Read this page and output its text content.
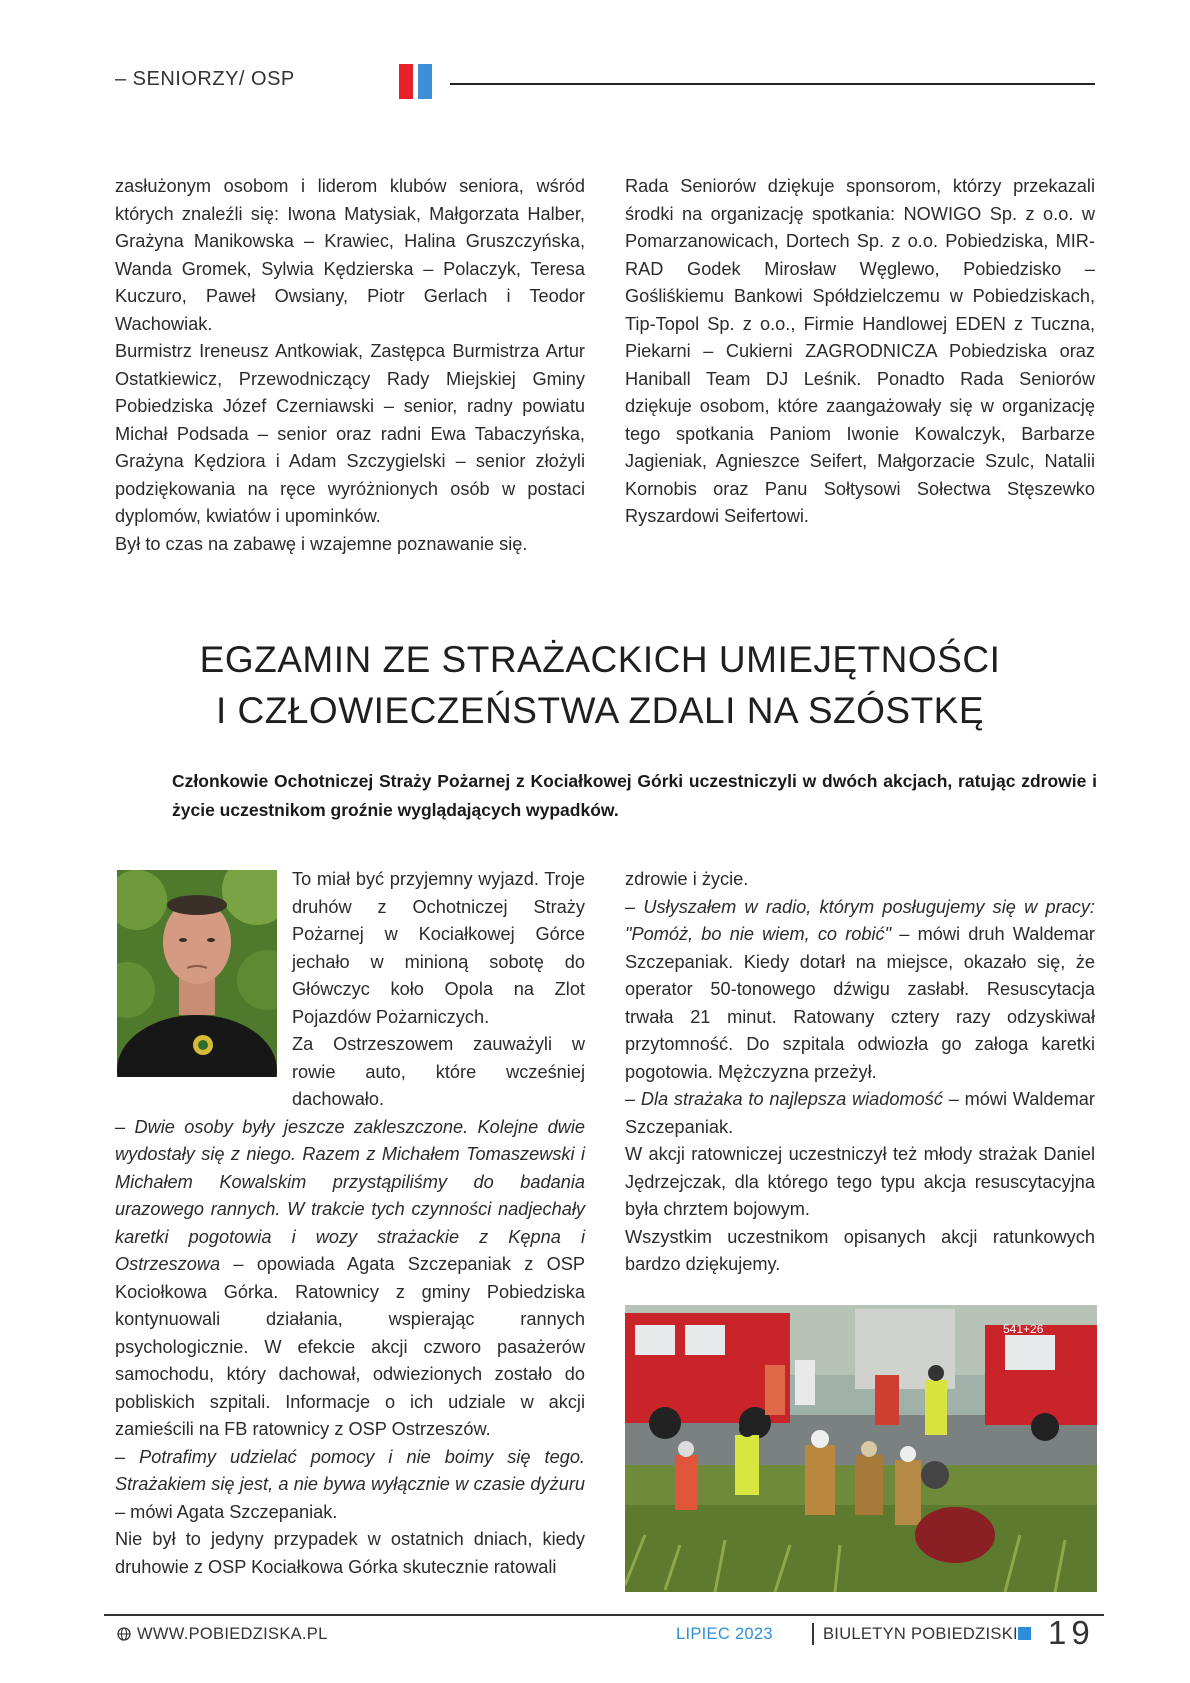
– SENIORZY/ OSP

zasłużonym osobom i liderom klubów seniora, wśród których znaleźli się: Iwona Matysiak, Małgorzata Halber, Grażyna Manikowska – Krawiec, Halina Gruszczyńska, Wanda Gromek, Sylwia Kędzierska – Polaczyk, Teresa Kuczuro, Paweł Owsiany, Piotr Gerlach i Teodor Wachowiak.

Burmistrz Ireneusz Antkowiak, Zastępca Burmistrza Artur Ostatkiewicz, Przewodniczący Rady Miejskiej Gminy Pobiedziska Józef Czerniawski – senior, radny powiatu Michał Podsada – senior oraz radni Ewa Tabaczyńska, Grażyna Kędziora i Adam Szczygielski – senior złożyli podziękowania na ręce wyróżnionych osób w postaci dyplomów, kwiatów i upominków.

Był to czas na zabawę i wzajemne poznawanie się.

Rada Seniorów dziękuje sponsorom, którzy przekazali środki na organizację spotkania: NOWIGO Sp. z o.o. w Pomarzanowicach, Dortech Sp. z o.o. Pobiedziska, MIR-RAD Godek Mirosław Węglewo, Pobiedzisko – Gośliśkiemu Bankowi Spółdzielczemu w Pobiedziskach, Tip-Topol Sp. z o.o., Firmie Handlowej EDEN z Tuczna, Piekarni – Cukierni ZAGRODNICZA Pobiedziska oraz Haniball Team DJ Leśnik. Ponadto Rada Seniorów dziękuje osobom, które zaangażowały się w organizację tego spotkania Paniom Iwonie Kowalczyk, Barbarze Jagieniak, Agnieszce Seifert, Małgorzacie Szulc, Natalii Kornobis oraz Panu Sołtysowi Sołectwa Stęszewko Ryszardowi Seifertowi.

EGZAMIN ZE STRAŻACKICH UMIEJĘTNOŚCI
I CZŁOWIECZEŃSTWA ZDALI NA SZÓSTKĘ

Członkowie Ochotniczej Straży Pożarnej z Kociałkowej Górki uczestniczyli w dwóch akcjach, ratując zdrowie i życie uczestnikom groźnie wyglądających wypadków.

To miał być przyjemny wyjazd. Troje druhów z Ochotniczej Straży Pożarnej w Kociałkowej Górce jechało w minioną sobotę do Główczyc koło Opola na Zlot Pojazdów Pożarniczych.

Za Ostrzeszowem zauważyli w rowie auto, które wcześniej dachowało.

– Dwie osoby były jeszcze zakleszczone. Kolejne dwie wydostały się z niego. Razem z Michałem Tomaszewski i Michałem Kowalskim przystąpiliśmy do badania urazowego rannych. W trakcie tych czynności nadjechały karetki pogotowia i wozy strażackie z Kępna i Ostrzeszowa – opowiada Agata Szczepaniak z OSP Kociołkowa Górka. Ratownicy z gminy Pobiedziska kontynuowali działania, wspierając rannych psychologicznie. W efekcie akcji czworo pasażerów samochodu, który dachował, odwiezionych zostało do pobliskich szpitali. Informacje o ich udziale w akcji zamieścili na FB ratownicy z OSP Ostrzeszów.

– Potrafimy udzielać pomocy i nie boimy się tego. Strażakiem się jest, a nie bywa wyłącznie w czasie dyżuru – mówi Agata Szczepaniak.

Nie był to jedyny przypadek w ostatnich dniach, kiedy druhowie z OSP Kociałkowa Górka skutecznie ratowali

zdrowie i życie.

– Usłyszałem w radio, którym posługujemy się w pracy: "Pomóż, bo nie wiem, co robić" – mówi druh Waldemar Szczepaniak. Kiedy dotarł na miejsce, okazało się, że operator 50-tonowego dźwigu zasłabł. Resuscytacja trwała 21 minut. Ratowany cztery razy odzyskiwał przytomność. Do szpitala odwiozła go załoga karetki pogotowia. Mężczyzna przeżył.

– Dla strażaka to najlepsza wiadomość – mówi Waldemar Szczepaniak.

W akcji ratowniczej uczestniczył też młody strażak Daniel Jędrzejczak, dla którego tego typu akcja resuscytacyjna była chrztem bojowym.

Wszystkim uczestnikom opisanych akcji ratunkowych bardzo dziękujemy.

541+26
WWW.POBIEDZISKA.PL	LIPIEC 2023	BIULETYN POBIEDZISKI 19
